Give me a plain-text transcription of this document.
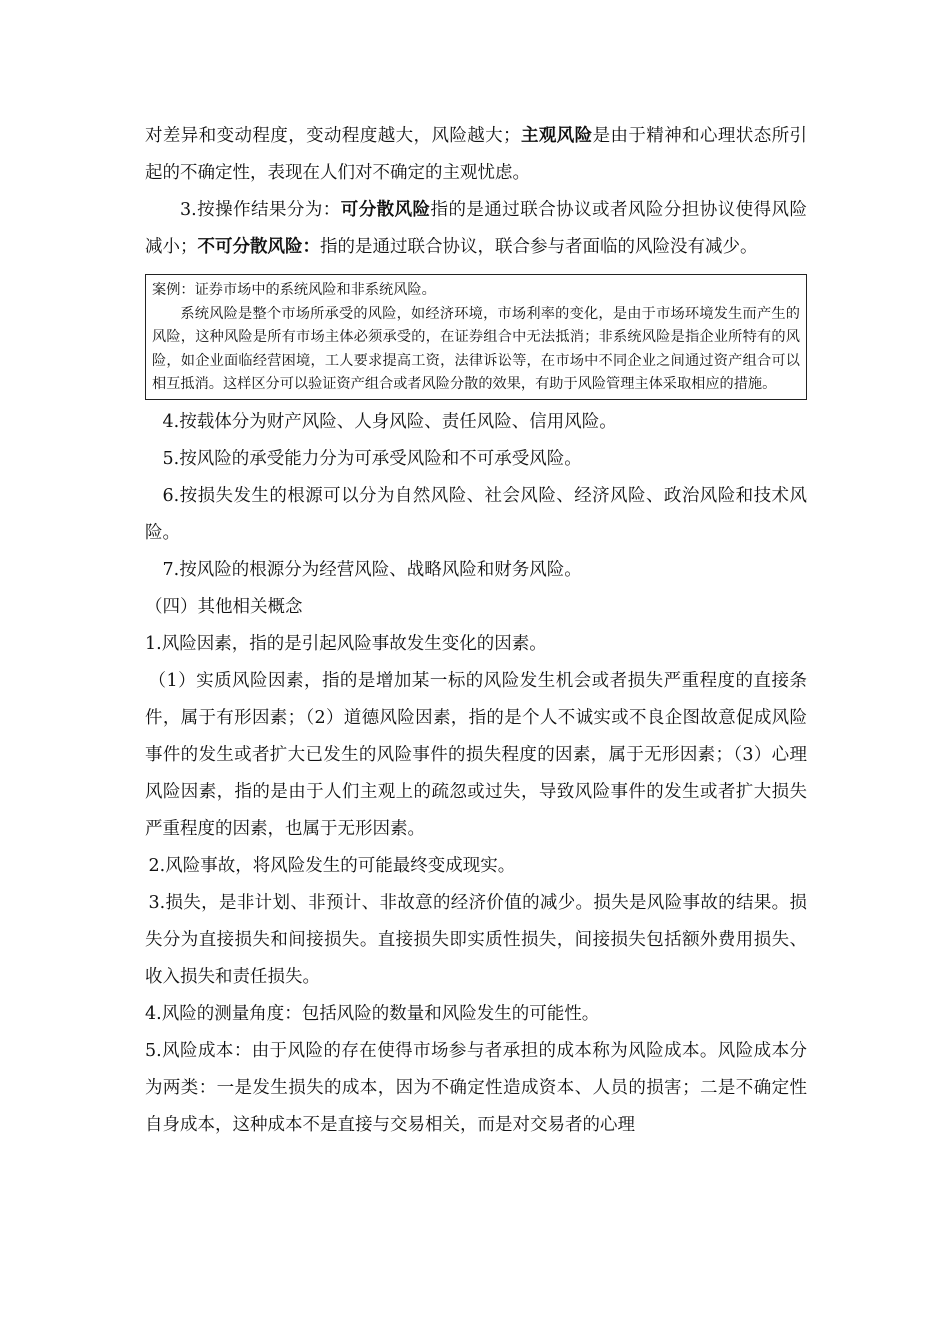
对差异和变动程度，变动程度越大，风险越大；主观风险是由于精神和心理状态所引起的不确定性，表现在人们对不确定的主观忧虑。

3.按操作结果分为：可分散风险指的是通过联合协议或者风险分担协议使得风险减小；不可分散风险：指的是通过联合协议，联合参与者面临的风险没有减少。

案例：证券市场中的系统风险和非系统风险。

系统风险是整个市场所承受的风险，如经济环境，市场利率的变化，是由于市场环境发生而产生的风险，这种风险是所有市场主体必须承受的，在证券组合中无法抵消；非系统风险是指企业所特有的风险，如企业面临经营困境，工人要求提高工资，法律诉讼等，在市场中不同企业之间通过资产组合可以相互抵消。这样区分可以验证资产组合或者风险分散的效果，有助于风险管理主体采取相应的措施。

4.按载体分为财产风险、人身风险、责任风险、信用风险。

5.按风险的承受能力分为可承受风险和不可承受风险。

6.按损失发生的根源可以分为自然风险、社会风险、经济风险、政治风险和技术风险。

7.按风险的根源分为经营风险、战略风险和财务风险。

（四）其他相关概念

1.风险因素，指的是引起风险事故发生变化的因素。

（1）实质风险因素，指的是增加某一标的风险发生机会或者损失严重程度的直接条件，属于有形因素；（2）道德风险因素，指的是个人不诚实或不良企图故意促成风险事件的发生或者扩大已发生的风险事件的损失程度的因素，属于无形因素；（3）心理风险因素，指的是由于人们主观上的疏忽或过失，导致风险事件的发生或者扩大损失严重程度的因素，也属于无形因素。

2.风险事故，将风险发生的可能最终变成现实。

3.损失，是非计划、非预计、非故意的经济价值的减少。损失是风险事故的结果。损失分为直接损失和间接损失。直接损失即实质性损失，间接损失包括额外费用损失、收入损失和责任损失。

4.风险的测量角度：包括风险的数量和风险发生的可能性。

5.风险成本：由于风险的存在使得市场参与者承担的成本称为风险成本。风险成本分为两类：一是发生损失的成本，因为不确定性造成资本、人员的损害；二是不确定性自身成本，这种成本不是直接与交易相关，而是对交易者的心理
